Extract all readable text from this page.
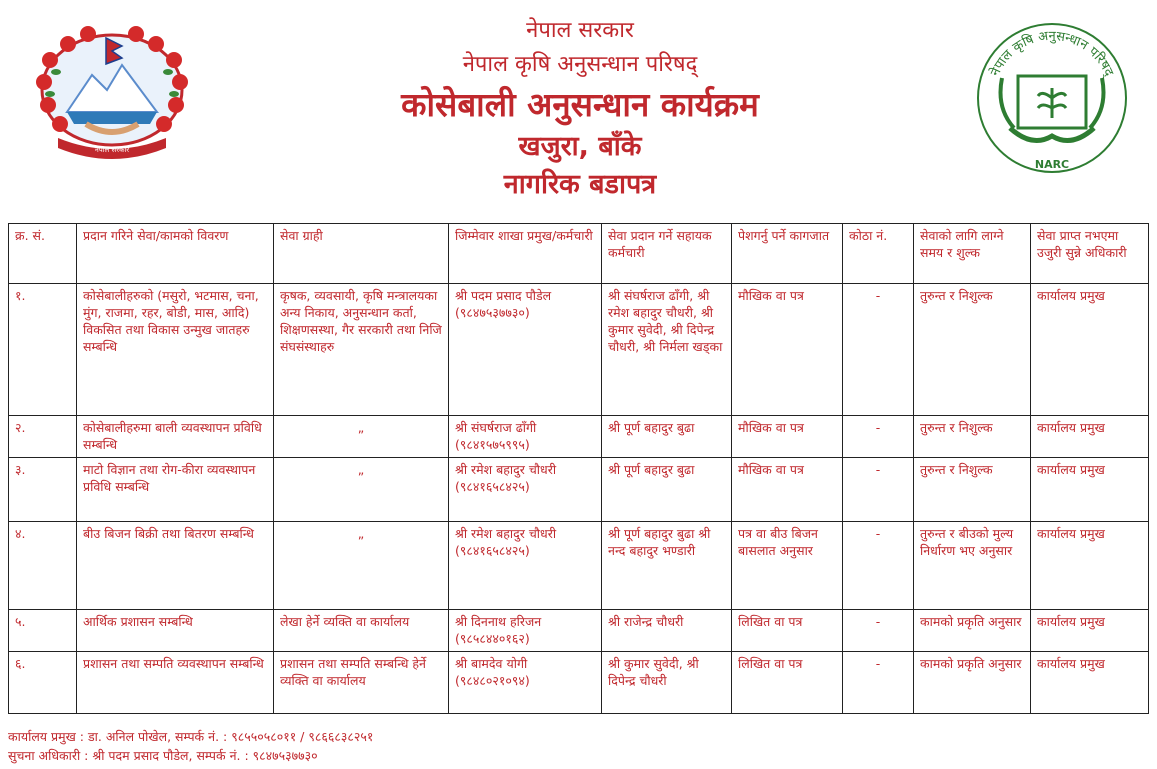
नेपाल सरकार
नेपाल सरकार
नेपाल कृषि अनुसन्धान परिषद्
कोसेबाली अनुसन्धान कार्यक्रम
खजुरा, बाँके
नागरिक बडापत्र
नेपाल कृषि अनुसन्धान परिषद्
NARC
क्र. सं.	प्रदान गरिने सेवा/कामको विवरण	सेवा ग्राही	जिम्मेवार शाखा प्रमुख/कर्मचारी	सेवा प्रदान गर्ने सहायक कर्मचारी	पेशगर्नु पर्ने कागजात	कोठा नं.	सेवाको लागि लाग्ने समय र शुल्क	सेवा प्राप्त नभएमा उजुरी सुन्ने अधिकारी
१.	कोसेबालीहरुको (मसुरो, भटमास, चना, मुंग, राजमा, रहर, बोडी, मास, आदि) विकसित तथा विकास उन्मुख जातहरु सम्बन्धि	कृषक, व्यवसायी, कृषि मन्त्रालयका अन्य निकाय, अनुसन्धान कर्ता, शिक्षणसस्था, गैर सरकारी तथा निजि संघसंस्थाहरु	श्री पदम प्रसाद पौडेल (९८४७५३७७३०)	श्री संघर्षराज ढाँगी, श्री रमेश बहादुर चौधरी, श्री कुमार सुवेदी, श्री दिपेन्द्र चौधरी, श्री निर्मला खड्का	मौखिक वा पत्र	-	तुरुन्त र निशुल्क	कार्यालय प्रमुख
२.	कोसेबालीहरुमा बाली व्यवस्थापन प्रविधि सम्बन्धि	„	श्री संघर्षराज ढाँगी (९८४१५७५९९५)	श्री पूर्ण बहादुर बुढा	मौखिक वा पत्र	-	तुरुन्त र निशुल्क	कार्यालय प्रमुख
३.	माटो विज्ञान तथा रोग-कीरा व्यवस्थापन प्रविधि सम्बन्धि	„	श्री रमेश बहादुर चौधरी (९८४१६५८४२५)	श्री पूर्ण बहादुर बुढा	मौखिक वा पत्र	-	तुरुन्त र निशुल्क	कार्यालय प्रमुख
४.	बीउ बिजन बिक्री तथा बितरण सम्बन्धि	„	श्री रमेश बहादुर चौधरी (९८४१६५८४२५)	श्री पूर्ण बहादुर बुढा श्री नन्द बहादुर भण्डारी	पत्र वा बीउ बिजन बासलात अनुसार	-	तुरुन्त र बीउको मुल्य निर्धारण भए अनुसार	कार्यालय प्रमुख
५.	आर्थिक प्रशासन सम्बन्धि	लेखा हेर्ने व्यक्ति वा कार्यालय	श्री दिननाथ हरिजन (९८५८४४०१६२)	श्री राजेन्द्र चौधरी	लिखित वा पत्र	-	कामको प्रकृति अनुसार	कार्यालय प्रमुख
६.	प्रशासन तथा सम्पति व्यवस्थापन सम्बन्धि	प्रशासन तथा सम्पति सम्बन्धि हेर्ने व्यक्ति वा कार्यालय	श्री बामदेव योगी (९८४८०२१०९४)	श्री कुमार सुवेदी, श्री दिपेन्द्र चौधरी	लिखित वा पत्र	-	कामको प्रकृति अनुसार	कार्यालय प्रमुख
कार्यालय प्रमुख : डा. अनिल पोखेल, सम्पर्क नं. : ९८५५०५८०११ / ९८६६८३८२५१
सुचना अधिकारी : श्री पदम प्रसाद पौडेल, सम्पर्क नं. : ९८४७५३७७३०
